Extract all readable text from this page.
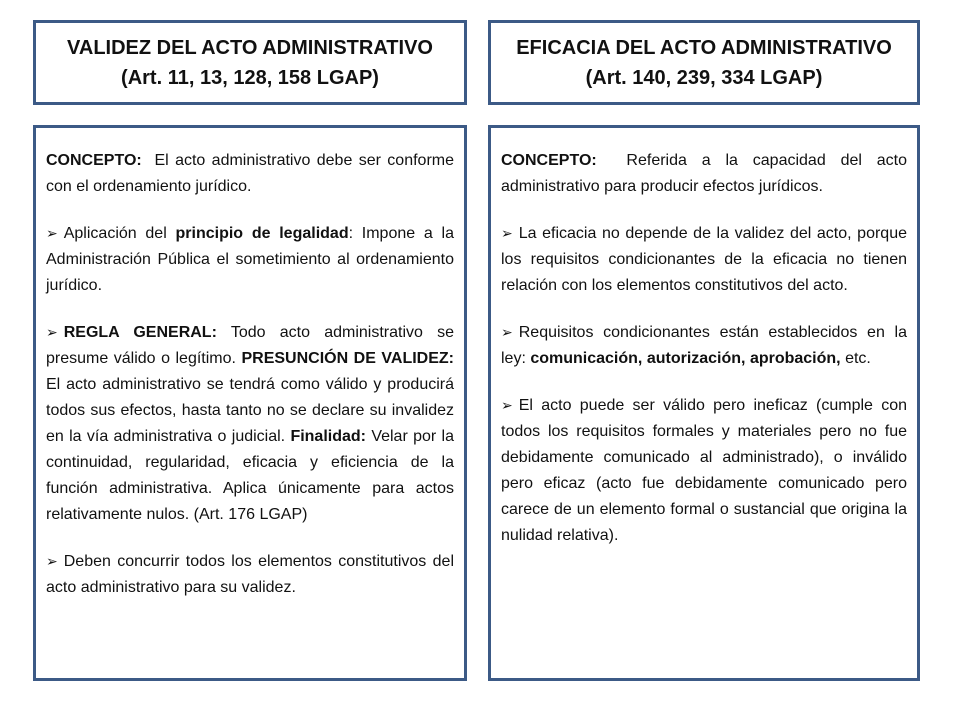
VALIDEZ DEL ACTO ADMINISTRATIVO
(Art. 11, 13, 128, 158 LGAP)
EFICACIA DEL ACTO ADMINISTRATIVO
(Art. 140, 239, 334 LGAP)

CONCEPTO: El acto administrativo debe ser conforme con el ordenamiento jurídico.

➢ Aplicación del principio de legalidad: Impone a la Administración Pública el sometimiento al ordenamiento jurídico.

➢ REGLA GENERAL: Todo acto administrativo se presume válido o legítimo. PRESUNCIÓN DE VALIDEZ: El acto administrativo se tendrá como válido y producirá todos sus efectos, hasta tanto no se declare su invalidez en la vía administrativa o judicial. Finalidad: Velar por la continuidad, regularidad, eficacia y eficiencia de la función administrativa. Aplica únicamente para actos relativamente nulos. (Art. 176 LGAP)

➢ Deben concurrir todos los elementos constitutivos del acto administrativo para su validez.

CONCEPTO: Referida a la capacidad del acto administrativo para producir efectos jurídicos.

➢ La eficacia no depende de la validez del acto, porque los requisitos condicionantes de la eficacia no tienen relación con los elementos constitutivos del acto.

➢ Requisitos condicionantes están establecidos en la ley: comunicación, autorización, aprobación, etc.

➢ El acto puede ser válido pero ineficaz (cumple con todos los requisitos formales y materiales pero no fue debidamente comunicado al administrado), o inválido pero eficaz (acto fue debidamente comunicado pero carece de un elemento formal o sustancial que origina la nulidad relativa).
